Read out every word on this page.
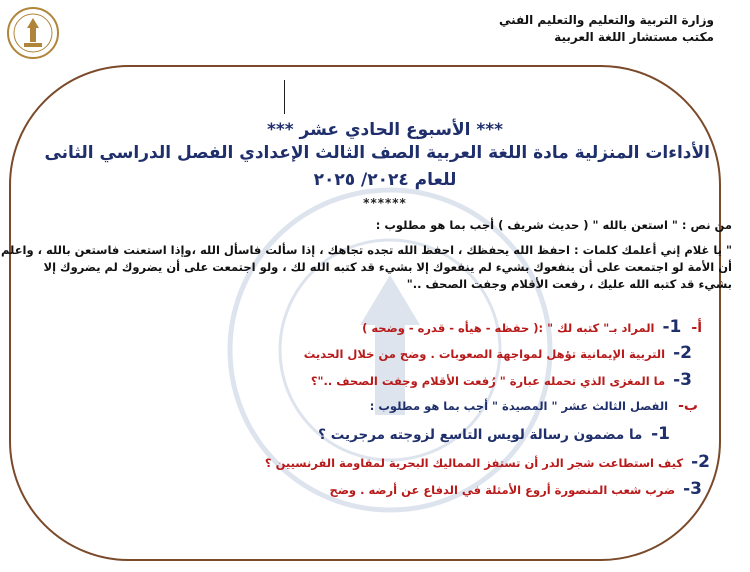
وزارة التربية والتعليم والتعليم الفني
مكتب مستشار اللغة العربية
*** الأسبوع الحادي عشر ***
الأداءات المنزلية مادة اللغة العربية الصف الثالث الإعدادي الفصل الدراسي الثانى
للعام ٢٠٢٤/ ٢٠٢٥
******
من نص : " استعن بالله " ( حديث شريف ) أجب بما هو مطلوب :
" يا غلام إني أعلمك كلمات : احفظ الله يحفظك ، احفظ الله تجده تجاهك ، إذا سألت فاسأل الله ،وإذا استعنت فاستعن بالله ، واعلم
أن الأمة لو اجتمعت على أن ينفعوك بشيء لم ينفعوك إلا بشيء قد كتبه الله لك ، ولو اجتمعت على أن يضروك لم يضروك إلا
بشيء قد كتبه الله عليك ، رفعت الأقلام وجفت الصحف .."
أ- 1- المراد بـ" كتبه لك " :( حفظه - هيأه - قدره - وضحه )
2- التربية الإيمانية تؤهل لمواجهة الصعوبات . وضح من خلال الحديث
3- ما المغزى الذي تحمله عبارة " رُفعت الأقلام وجفت الصحف .."؟
ب- الفصل الثالث عشر " المصيدة " أجب بما هو مطلوب :
1- ما مضمون رسالة لويس التاسع لزوجته مرجريت ؟
2- كيف استطاعت شجر الدر أن تستفز المماليك البحرية لمقاومة الفرنسيين ؟
3- ضرب شعب المنصورة أروع الأمثلة في الدفاع عن أرضه . وضح
